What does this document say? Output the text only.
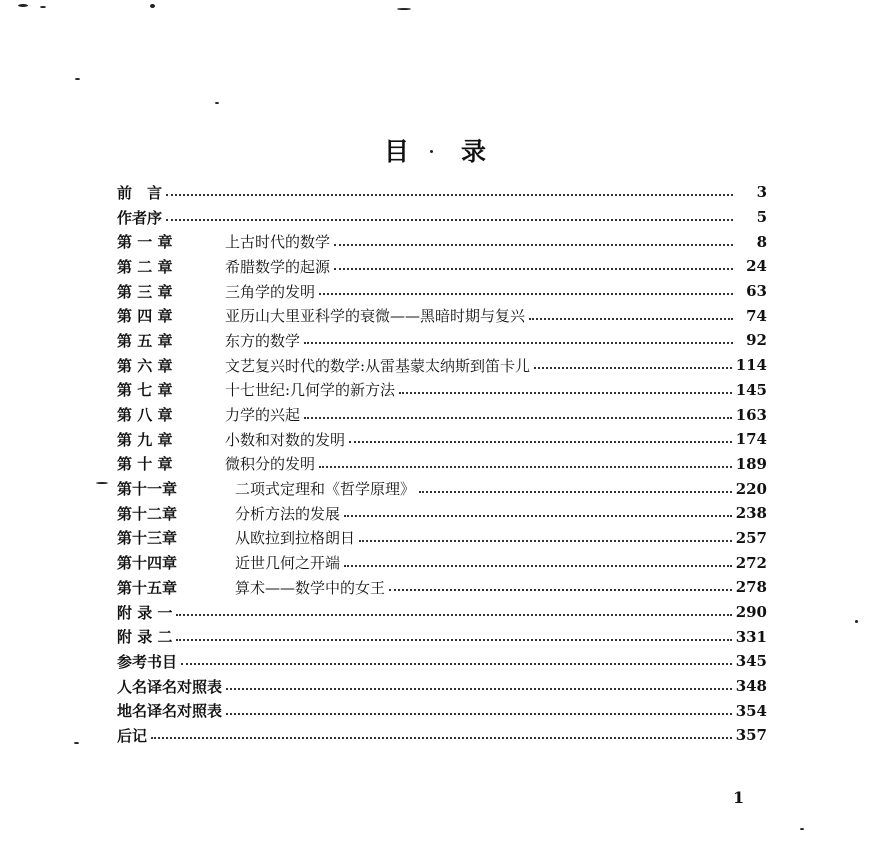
目 录
前　言	3
作者序	5
第 一 章	上古时代的数学	8
第 二 章	希腊数学的起源	24
第 三 章	三角学的发明	63
第 四 章	亚历山大里亚科学的衰微——黑暗时期与复兴	74
第 五 章	东方的数学	92
第 六 章	文艺复兴时代的数学:从雷基蒙太纳斯到笛卡儿	114
第 七 章	十七世纪:几何学的新方法	145
第 八 章	力学的兴起	163
第 九 章	小数和对数的发明	174
第 十 章	微积分的发明	189
第十一章	二项式定理和《哲学原理》	220
第十二章	分析方法的发展	238
第十三章	从欧拉到拉格朗日	257
第十四章	近世几何之开端	272
第十五章	算术——数学中的女王	278
附 录 一	290
附 录 二	331
参考书目	345
人名译名对照表	348
地名译名对照表	354
后记	357
1
